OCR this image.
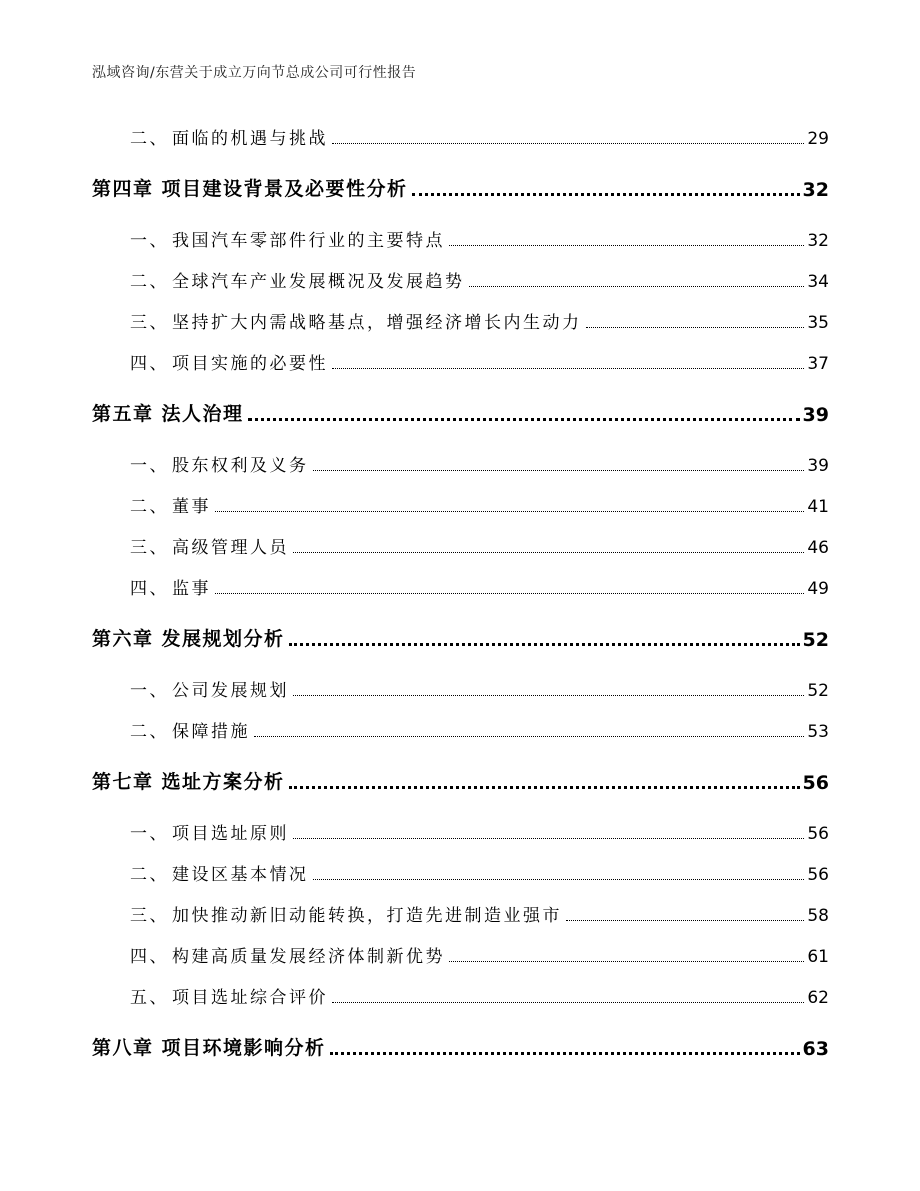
泓域咨询/东营关于成立万向节总成公司可行性报告
二、 面临的机遇与挑战	29
第四章 项目建设背景及必要性分析	32
一、 我国汽车零部件行业的主要特点	32
二、 全球汽车产业发展概况及发展趋势	34
三、 坚持扩大内需战略基点，增强经济增长内生动力	35
四、 项目实施的必要性	37
第五章 法人治理	39
一、 股东权利及义务	39
二、 董事	41
三、 高级管理人员	46
四、 监事	49
第六章 发展规划分析	52
一、 公司发展规划	52
二、 保障措施	53
第七章 选址方案分析	56
一、 项目选址原则	56
二、 建设区基本情况	56
三、 加快推动新旧动能转换，打造先进制造业强市	58
四、 构建高质量发展经济体制新优势	61
五、 项目选址综合评价	62
第八章 项目环境影响分析	63
